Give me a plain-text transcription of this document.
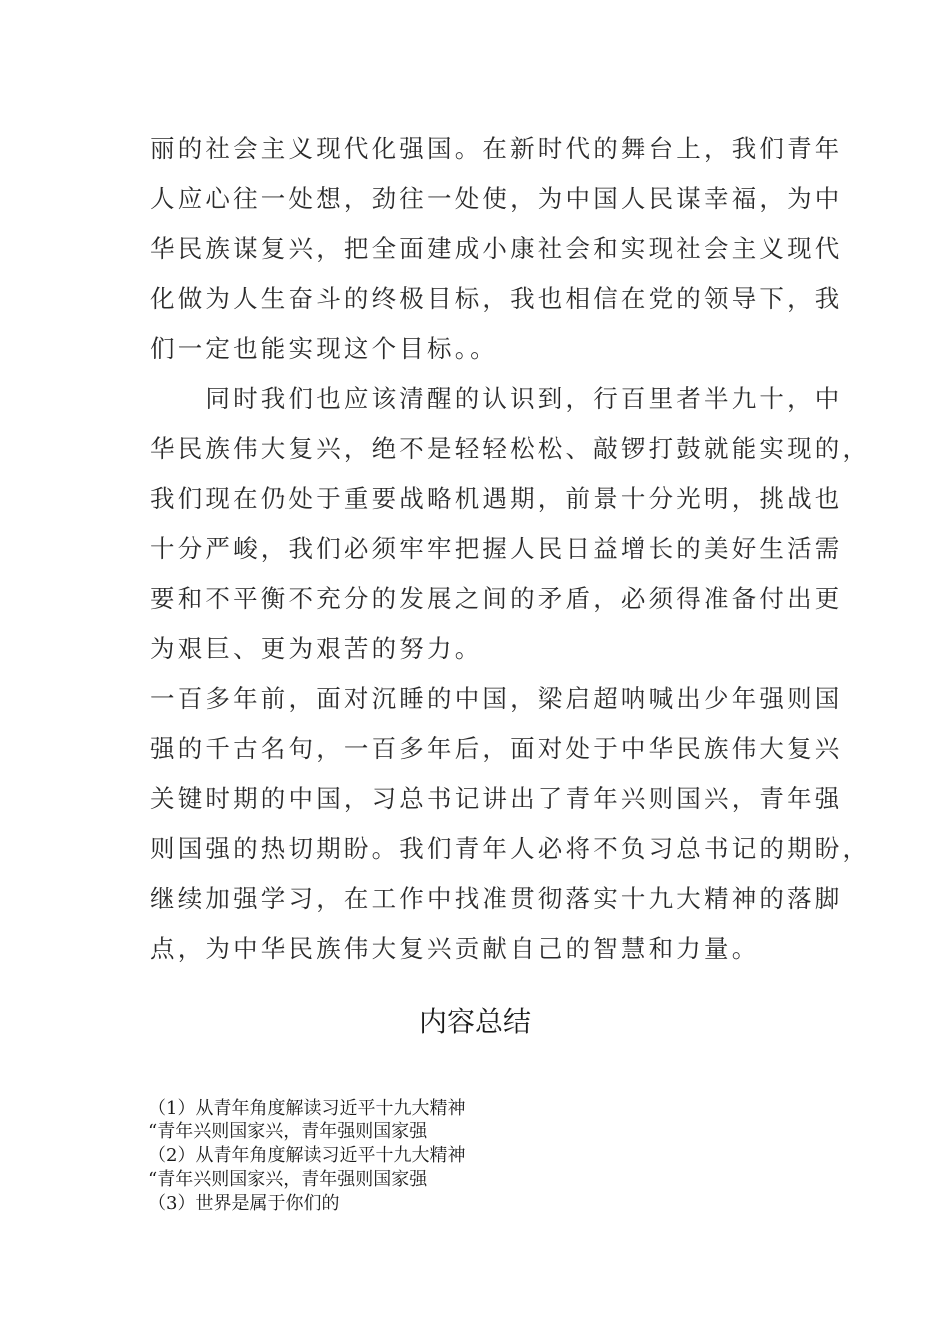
丽的社会主义现代化强国。在新时代的舞台上，我们青年
人应心往一处想，劲往一处使，为中国人民谋幸福，为中
华民族谋复兴，把全面建成小康社会和实现社会主义现代
化做为人生奋斗的终极目标，我也相信在党的领导下，我
们一定也能实现这个目标。。
　　同时我们也应该清醒的认识到，行百里者半九十，中
华民族伟大复兴，绝不是轻轻松松、敲锣打鼓就能实现的，
我们现在仍处于重要战略机遇期，前景十分光明，挑战也
十分严峻，我们必须牢牢把握人民日益增长的美好生活需
要和不平衡不充分的发展之间的矛盾，必须得准备付出更
为艰巨、更为艰苦的努力。
一百多年前，面对沉睡的中国，梁启超呐喊出少年强则国
强的千古名句，一百多年后，面对处于中华民族伟大复兴
关键时期的中国，习总书记讲出了青年兴则国兴，青年强
则国强的热切期盼。我们青年人必将不负习总书记的期盼，
继续加强学习，在工作中找准贯彻落实十九大精神的落脚
点，为中华民族伟大复兴贡献自己的智慧和力量。
内容总结
（1）从青年角度解读习近平十九大精神
“青年兴则国家兴，青年强则国家强
（2）从青年角度解读习近平十九大精神
“青年兴则国家兴，青年强则国家强
（3）世界是属于你们的
